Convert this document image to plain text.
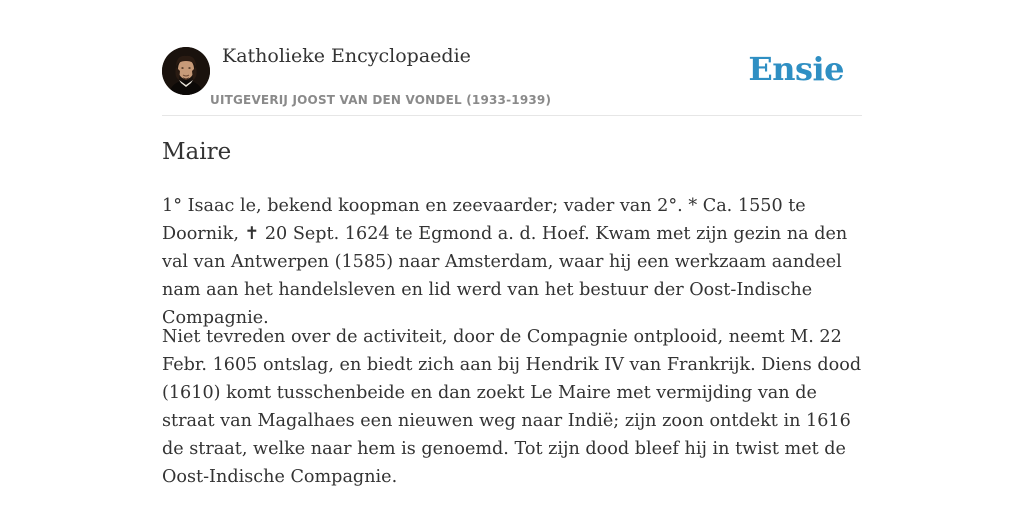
Katholieke Encyclopaedie
UITGEVERIJ JOOST VAN DEN VONDEL (1933-1939)
Ensie
Maire

1° Isaac le, bekend koopman en zeevaarder; vader van 2°. * Ca. 1550 te Doornik, ✝ 20 Sept. 1624 te Egmond a. d. Hoef. Kwam met zijn gezin na den val van Antwerpen (1585) naar Amsterdam, waar hij een werkzaam aandeel nam aan het handelsleven en lid werd van het bestuur der Oost-Indische Compagnie.

Niet tevreden over de activiteit, door de Compagnie ontplooid, neemt M. 22 Febr. 1605 ontslag, en biedt zich aan bij Hendrik IV van Frankrijk. Diens dood (1610) komt tusschenbeide en dan zoekt Le Maire met vermijding van de straat van Magalhaes een nieuwen weg naar Indië; zijn zoon ontdekt in 1616 de straat, welke naar hem is genoemd. Tot zijn dood bleef hij in twist met de Oost-Indische Compagnie.
